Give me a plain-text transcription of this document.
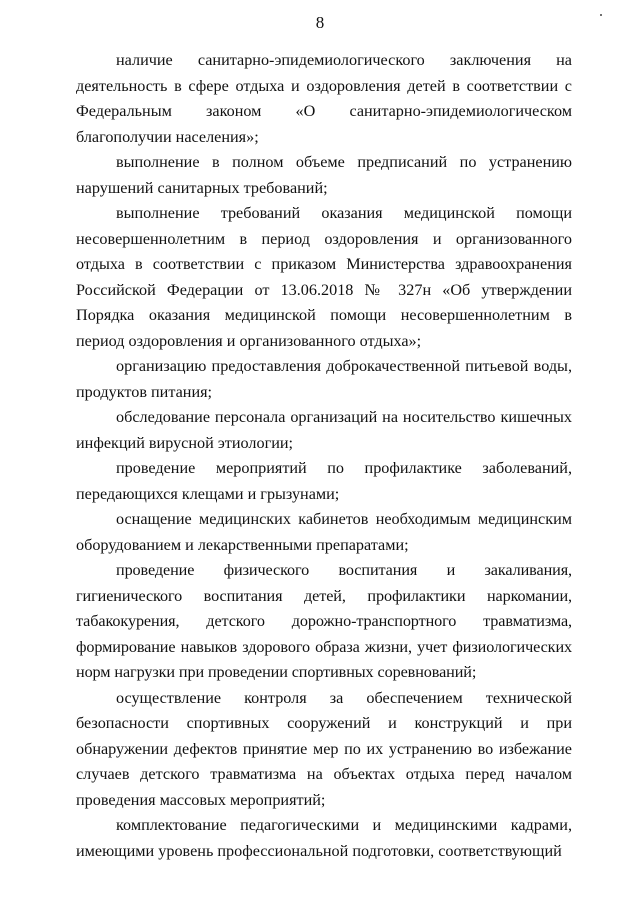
8

наличие санитарно-эпидемиологического заключения на деятельность в сфере отдыха и оздоровления детей в соответствии с Федеральным законом «О санитарно-эпидемиологическом благополучии населения»;

выполнение в полном объеме предписаний по устранению нарушений санитарных требований;

выполнение требований оказания медицинской помощи несовершеннолетним в период оздоровления и организованного отдыха в соответствии с приказом Министерства здравоохранения Российской Федерации от 13.06.2018 № 327н «Об утверждении Порядка оказания медицинской помощи несовершеннолетним в период оздоровления и организованного отдыха»;

организацию предоставления доброкачественной питьевой воды, продуктов питания;

обследование персонала организаций на носительство кишечных инфекций вирусной этиологии;

проведение мероприятий по профилактике заболеваний, передающихся клещами и грызунами;

оснащение медицинских кабинетов необходимым медицинским оборудованием и лекарственными препаратами;

проведение физического воспитания и закаливания, гигиенического воспитания детей, профилактики наркомании, табакокурения, детского дорожно-транспортного травматизма, формирование навыков здорового образа жизни, учет физиологических норм нагрузки при проведении спортивных соревнований;

осуществление контроля за обеспечением технической безопасности спортивных сооружений и конструкций и при обнаружении дефектов принятие мер по их устранению во избежание случаев детского травматизма на объектах отдыха перед началом проведения массовых мероприятий;

комплектование педагогическими и медицинскими кадрами, имеющими уровень профессиональной подготовки, соответствующий
